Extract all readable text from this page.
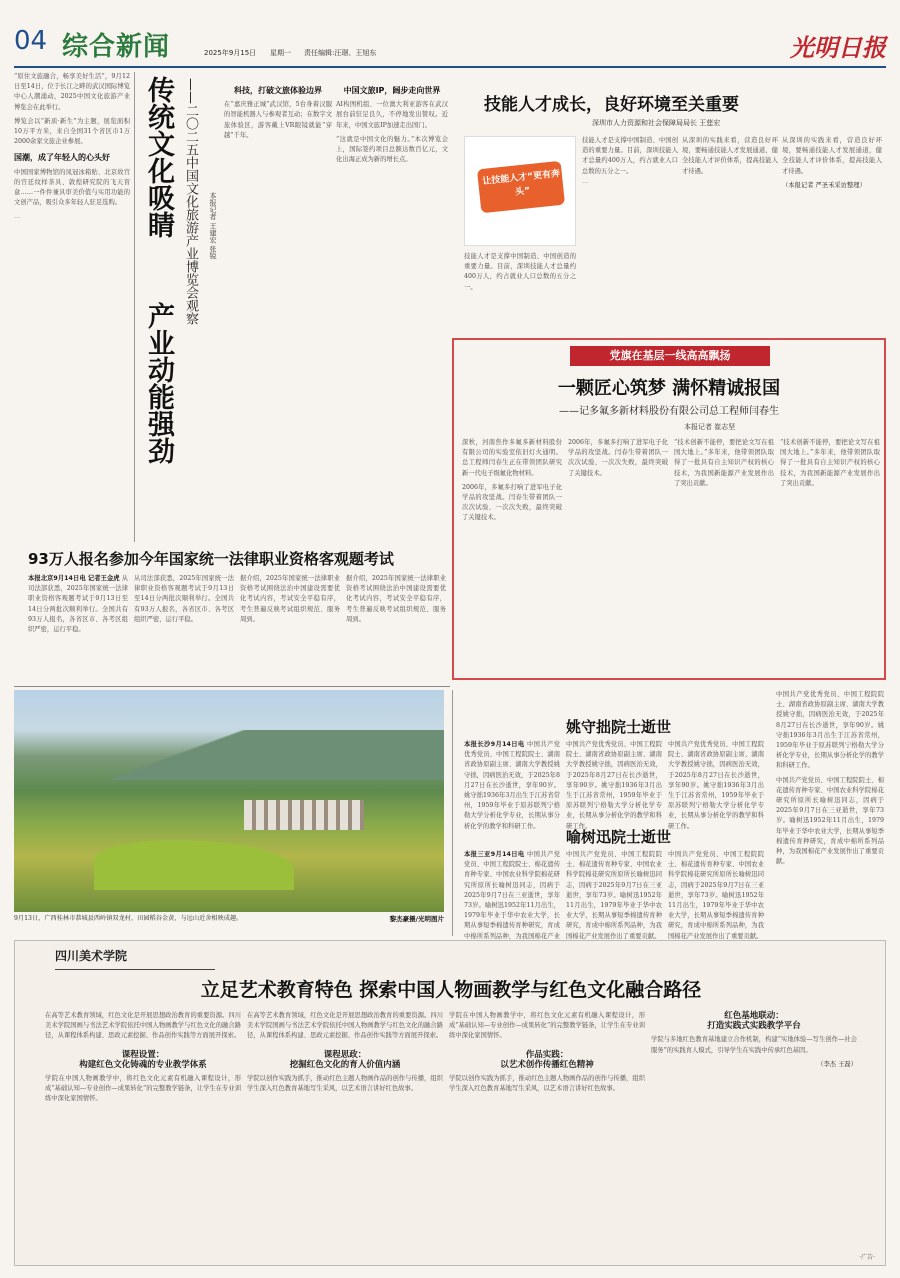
04 综合新闻	2025年9月15日 星期一 责任编辑:汪璟、王旭东	光明日报

“原住文旅融合，畅享美好生活”，9月12日至14日，位于长江之畔的武汉国际博览中心人潮涌动，2025中国文化旅游产业博览会在此举行。

博览会以“新质·新生”为主题，展览面积10万平方米，来自全国31个省区市1万2000余家文旅企业参展。

国潮，成了年轻人的心头好

中国国家博物馆的凤冠冰箱贴、北京故宫的宫廷纹样茶具、敦煌研究院的飞天盲盒……一件件兼具审美价值与实用功能的文创产品，吸引众多年轻人驻足选购。

…	传统文化吸睛
产业动能强劲
——二〇二五中国文化旅游产业博览会观察	本报记者 王建宏 张锐

科技，打破文旅体验边界

在“嘉庆雅正城”武汉馆，5台身着汉服的智能机器人与参观者互动；在数字文旅体验区，游客戴上VR眼镜就能“穿越”千年。

中国文旅IP，阔步走向世界

AI构图机组、一位澳大利亚游客在武汉展台前驻足良久，不停地发出赞叹。近年来，中国文旅IP加速走出国门。

“这就是中国文化的魅力。”本次博览会上，国际签约项目总额达数百亿元，文化出海正成为新的增长点。

技能人才成长，良好环境至关重要
深圳市人力资源和社会保障局局长 王莛宏
让技能人才“更有奔头”

技能人才是支撑中国制造、中国创造的重要力量。目前，深圳技能人才总量约400万人，约占就业人口总数的五分之一。

技能人才是支撑中国制造、中国创造的重要力量。目前，深圳技能人才总量约400万人，约占就业人口总数的五分之一。

…

从深圳的实践来看，营造良好环境，要畅通技能人才发展通道，健全技能人才评价体系，提高技能人才待遇。

从深圳的实践来看，营造良好环境，要畅通技能人才发展通道，健全技能人才评价体系，提高技能人才待遇。

（本报记者 严圣禾采访整理）

党旗在基层一线高高飘扬
一颗匠心筑梦 满怀精诚报国
——记多氟多新材料股份有限公司总工程师闫春生
本报记者 崔志坚

深秋，河南焦作多氟多新材料股份有限公司的实验室依旧灯火通明。总工程师闫春生正在带领团队研究新一代电子级氟化物材料。

2006年，多氟多打响了进军电子化学品的攻坚战。闫春生带着团队一次次试验、一次次失败，最终突破了关键技术。

2006年，多氟多打响了进军电子化学品的攻坚战。闫春生带着团队一次次试验、一次次失败，最终突破了关键技术。

“技术创新不能停，要把论文写在祖国大地上。”多年来，他带领团队取得了一批具有自主知识产权的核心技术，为我国新能源产业发展作出了突出贡献。

“技术创新不能停，要把论文写在祖国大地上。”多年来，他带领团队取得了一批具有自主知识产权的核心技术，为我国新能源产业发展作出了突出贡献。

93万人报名参加今年国家统一法律职业资格客观题考试

本报北京9月14日电 记者王金虎 从司法部获悉，2025年国家统一法律职业资格客观题考试于9月13日至14日分两批次顺利举行。全国共有93万人报名，各省区市、各考区组织严密，运行平稳。

从司法部获悉，2025年国家统一法律职业资格客观题考试于9月13日至14日分两批次顺利举行。全国共有93万人报名，各省区市、各考区组织严密，运行平稳。

据介绍，2025年国家统一法律职业资格考试围绕法治中国建设需要优化考试内容，考试安全平稳有序，考生普遍反映考试组织规范、服务周到。

据介绍，2025年国家统一法律职业资格考试围绕法治中国建设需要优化考试内容，考试安全平稳有序，考生普遍反映考试组织规范、服务周到。

9月13日，广西桂林市恭城县西岭镇双龙村，田园稻谷金黄，与远山近舍相映成趣。	黎杰豪摄/光明图片
姚守拙院士逝世

本报长沙9月14日电 中国共产党优秀党员、中国工程院院士、湖南省政协原副主席、湖南大学教授姚守拙，因病医治无效，于2025年8月27日在长沙逝世，享年90岁。姚守拙1936年3月出生于江苏省常州，1959年毕业于原苏联列宁格勒大学分析化学专业，长期从事分析化学的教学和科研工作。

中国共产党优秀党员、中国工程院院士、湖南省政协原副主席、湖南大学教授姚守拙，因病医治无效，于2025年8月27日在长沙逝世，享年90岁。姚守拙1936年3月出生于江苏省常州，1959年毕业于原苏联列宁格勒大学分析化学专业，长期从事分析化学的教学和科研工作。

中国共产党优秀党员、中国工程院院士、湖南省政协原副主席、湖南大学教授姚守拙，因病医治无效，于2025年8月27日在长沙逝世，享年90岁。姚守拙1936年3月出生于江苏省常州，1959年毕业于原苏联列宁格勒大学分析化学专业，长期从事分析化学的教学和科研工作。

喻树迅院士逝世

本报三亚9月14日电 中国共产党党员、中国工程院院士、棉花遗传育种专家、中国农业科学院棉花研究所原所长喻树迅同志，因病于2025年9月7日在三亚逝世，享年73岁。喻树迅1952年11月出生，1979年毕业于华中农业大学，长期从事短季棉遗传育种研究，育成中棉所系列品种，为我国棉花产业

中国共产党党员、中国工程院院士、棉花遗传育种专家、中国农业科学院棉花研究所原所长喻树迅同志，因病于2025年9月7日在三亚逝世，享年73岁。喻树迅1952年11月出生，1979年毕业于华中农业大学，长期从事短季棉遗传育种研究，育成中棉所系列品种，为我国棉花产业发展作出了重要贡献。

中国共产党党员、中国工程院院士、棉花遗传育种专家、中国农业科学院棉花研究所原所长喻树迅同志，因病于2025年9月7日在三亚逝世，享年73岁。喻树迅1952年11月出生，1979年毕业于华中农业大学，长期从事短季棉遗传育种研究，育成中棉所系列品种，为我国棉花产业发展作出了重要贡献。

中国共产党优秀党员、中国工程院院士、湖南省政协原副主席、湖南大学教授姚守拙，因病医治无效，于2025年8月27日在长沙逝世，享年90岁。姚守拙1936年3月出生于江苏省常州，1959年毕业于原苏联列宁格勒大学分析化学专业，长期从事分析化学的教学和科研工作。

中国共产党党员、中国工程院院士、棉花遗传育种专家、中国农业科学院棉花研究所原所长喻树迅同志，因病于2025年9月7日在三亚逝世，享年73岁。喻树迅1952年11月出生，1979年毕业于华中农业大学，长期从事短季棉遗传育种研究，育成中棉所系列品种，为我国棉花产业发展作出了重要贡献。

四川美术学院
立足艺术教育特色 探索中国人物画教学与红色文化融合路径

在高等艺术教育领域，红色文化是开展思想政治教育的重要资源。四川美术学院国画与书法艺术学院依托中国人物画教学与红色文化的融合路径，从课程体系构建、思政元素挖掘、作品创作实践等方面展开探索。

课程设置：

构建红色文化铸魂的专业教学体系

学院在中国人物画教学中，将红色文化元素有机融入课程设计，形成“基础认知—专业创作—成果转化”的完整教学链条，让学生在专业训练中深化家国情怀。

在高等艺术教育领域，红色文化是开展思想政治教育的重要资源。四川美术学院国画与书法艺术学院依托中国人物画教学与红色文化的融合路径，从课程体系构建、思政元素挖掘、作品创作实践等方面展开探索。

课程思政：

挖掘红色文化的育人价值内涵

学院以创作实践为抓手，推动红色主题人物画作品的创作与传播，组织学生深入红色教育基地写生采风，以艺术语言讲好红色故事。

学院在中国人物画教学中，将红色文化元素有机融入课程设计，形成“基础认知—专业创作—成果转化”的完整教学链条，让学生在专业训练中深化家国情怀。

作品实践：

以艺术创作传播红色精神

学院以创作实践为抓手，推动红色主题人物画作品的创作与传播，组织学生深入红色教育基地写生采风，以艺术语言讲好红色故事。

红色基地联动：

打造实践式实践教学平台

学院与多地红色教育基地建立合作机制，构建“实地体验—写生创作—社会服务”的实践育人模式，引导学生在实践中传承红色基因。

（李杰 王磊）

·广告·
